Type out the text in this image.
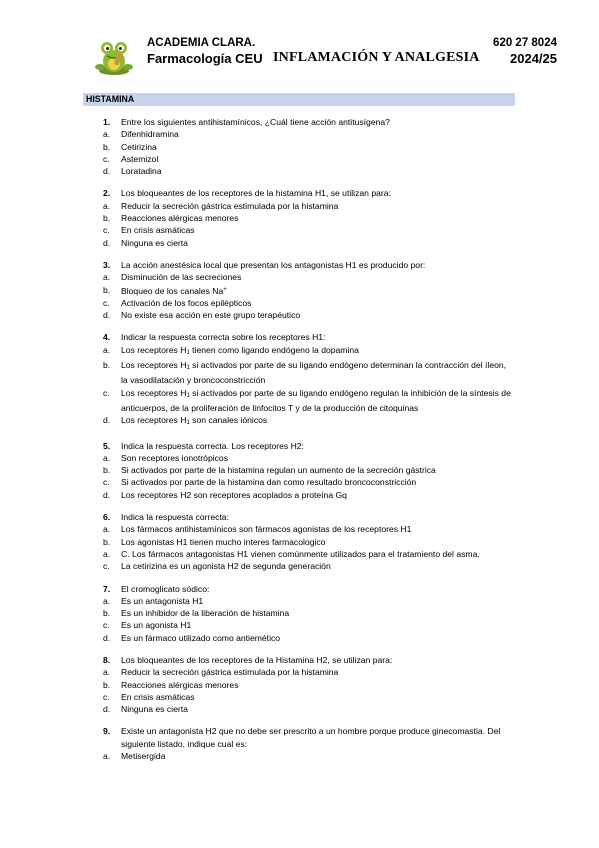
ACADEMIA CLARA.
Farmacología CEU INFLAMACIÓN Y ANALGESIA
620 27 8024
2024/25
HISTAMINA
1.	Entre los siguientes antihistamínicos, ¿Cuál tiene acción antitusígena?
a.	Difenhidramina
b.	Cetirizina
c.	Astemizol
d.	Loratadina
2.	Los bloqueantes de los receptores de la histamina H1, se utilizan para:
a.	Reducir la secreción gástrica estimulada por la histamina
b.	Reacciones alérgicas menores
c.	En crisis asmáticas
d.	Ninguna es cierta
3.	La acción anestésica local que presentan los antagonistas H1 es producido por:
a.	Disminución de las secreciones
b.	Bloqueo de los canales Na+
c.	Activación de los focos epilépticos
d.	No existe esa acción en este grupo terapéutico
4.	Indicar la respuesta correcta sobre los receptores H1:
a.	Los receptores H1 tienen como ligando endógeno la dopamina
b.	Los receptores H1 si activados por parte de su ligando endógeno determinan la contracción del íleon, la vasodilatación y broncoconstricción
c.	Los receptores H1 si activados por parte de su ligando endógeno regulan la inhibición de la síntesis de anticuerpos, de la proliferación de linfocitos T y de la producción de citoquinas
d.	Los receptores H1 son canales iónicos
5.	Indica la respuesta correcta. Los receptores H2:
a.	Son receptores ionotrópicos
b.	Si activados por parte de la histamina regulan un aumento de la secreción gástrica
c.	Si activados por parte de la histamina dan como resultado broncoconstricción
d.	Los receptores H2 son receptores acoplados a proteína Gq
6.	Indica la respuesta correcta:
a.	Los fármacos antihistamínicos son fármacos agonistas de los receptores H1
b.	Los agonistas H1 tienen mucho interes farmacologico
a.	C. Los fármacos antagonistas H1 vienen comúnmente utilizados para el tratamiento del asma.
c.	La cetirizina es un agonista H2 de segunda generación
7.	El cromoglicato sódico:
a.	Es un antagonista H1
b.	Es un inhibidor de la liberación de histamina
c.	Es un agonista H1
d.	Es un fármaco utilizado como antiemético
8.	Los bloqueantes de los receptores de la Histamina H2, se utilizan para:
a.	Reducir la secreción gástrica estimulada por la histamina
b.	Reacciones alérgicas menores
c.	En crisis asmáticas
d.	Ninguna es cierta
9.	Existe un antagonista H2 que no debe ser prescrito a un hombre porque produce ginecomastia. Del siguiente listado, indique cual es:
a.	Metisergida
